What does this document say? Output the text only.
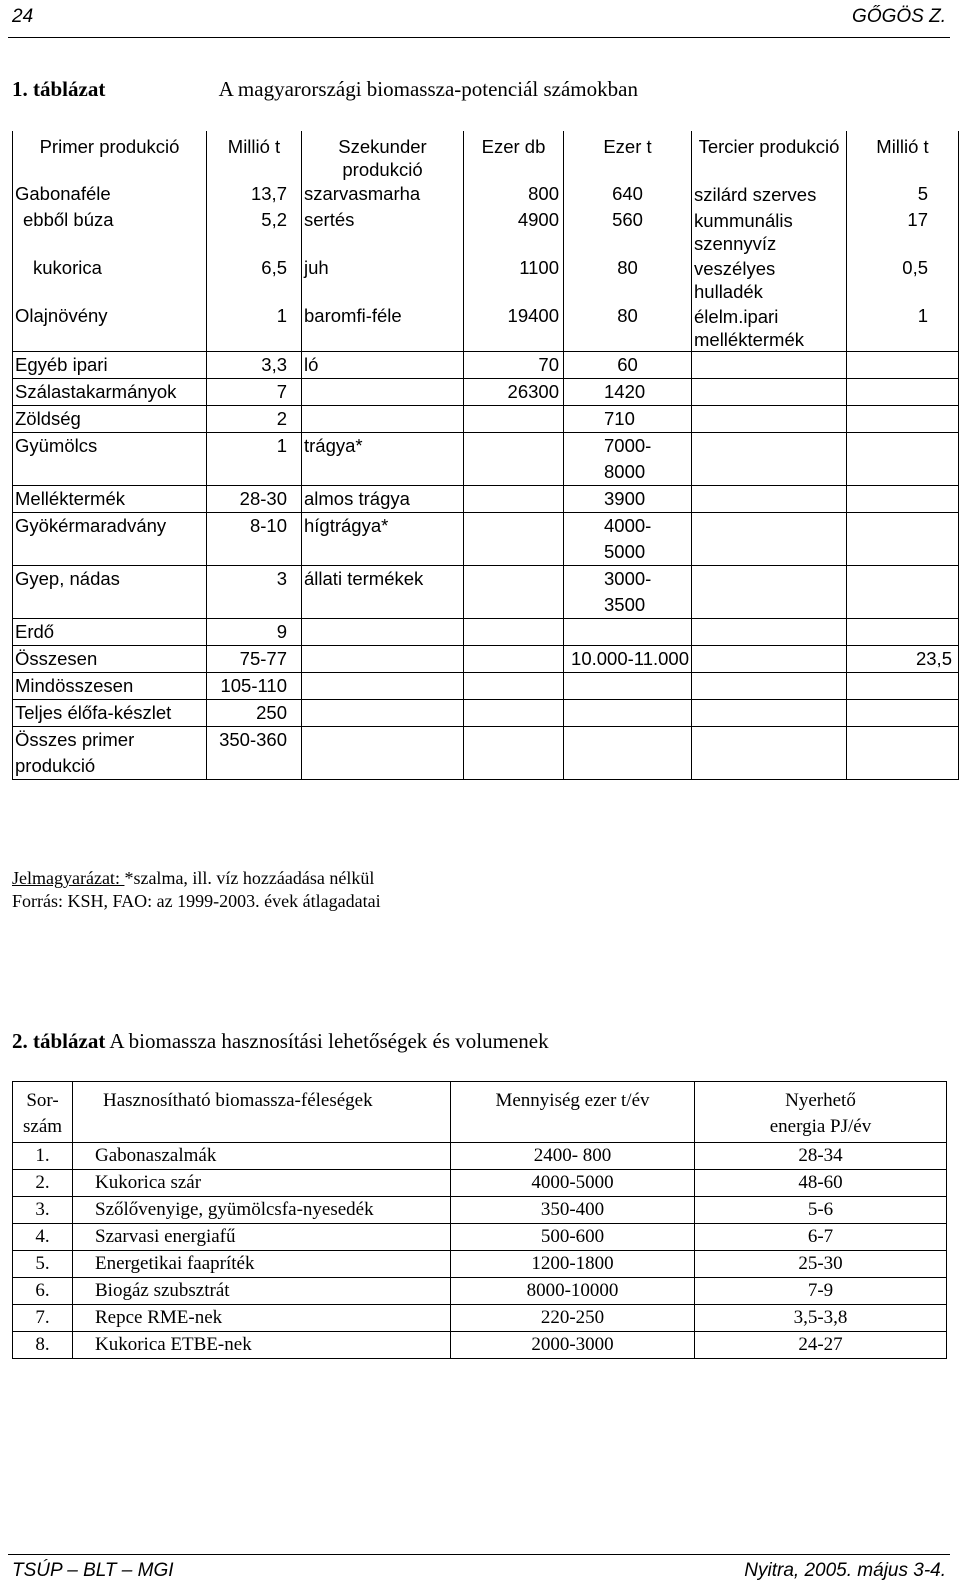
24	GŐGÖS Z.
1. táblázat	A magyarországi biomassza-potenciál számokban
Primer produkció	Millió t	Szekunder produkció	Ezer db	Ezer t	Tercier produkció	Millió t
Gabonaféle	13,7	szarvasmarha	800	640	szilárd szerves	5
ebből búza	5,2	sertés	4900	560	kummunális szennyvíz	17
kukorica	6,5	juh	1100	80	veszélyes hulladék	0,5
Olajnövény	1	baromfi-féle	19400	80	élelm.ipari melléktermék	1
Egyéb ipari	3,3	ló	70	60		
Szálastakarmányok	7		26300	1420		
Zöldség	2			710		
Gyümölcs	1	trágya*		7000-8000		
Melléktermék	28-30	almos trágya		3900		
Gyökérmaradvány	8-10	hígtrágya*		4000-5000		
Gyep, nádas	3	állati termékek		3000-3500		
Erdő	9					
Összesen	75-77			10.000-11.000		23,5
Mindösszesen	105-110					
Teljes élőfa-készlet	250					
Összes primer produkció	350-360					
Jelmagyarázat: *szalma, ill. víz hozzáadása nélkül
Forrás: KSH, FAO: az 1999-2003. évek átlagadatai
2. táblázat A biomassza hasznosítási lehetőségek és volumenek
Sor-szám	Hasznosítható biomassza-féleségek	Mennyiség ezer t/év	Nyerhető energia PJ/év
1.	Gabonaszalmák	2400- 800	28-34
2.	Kukorica szár	4000-5000	48-60
3.	Szőlővenyige, gyümölcsfa-nyesedék	350-400	5-6
4.	Szarvasi energiafű	500-600	6-7
5.	Energetikai faapríték	1200-1800	25-30
6.	Biogáz szubsztrát	8000-10000	7-9
7.	Repce RME-nek	220-250	3,5-3,8
8.	Kukorica ETBE-nek	2000-3000	24-27
TSÚP – BLT – MGI	Nyitra, 2005. május 3-4.
